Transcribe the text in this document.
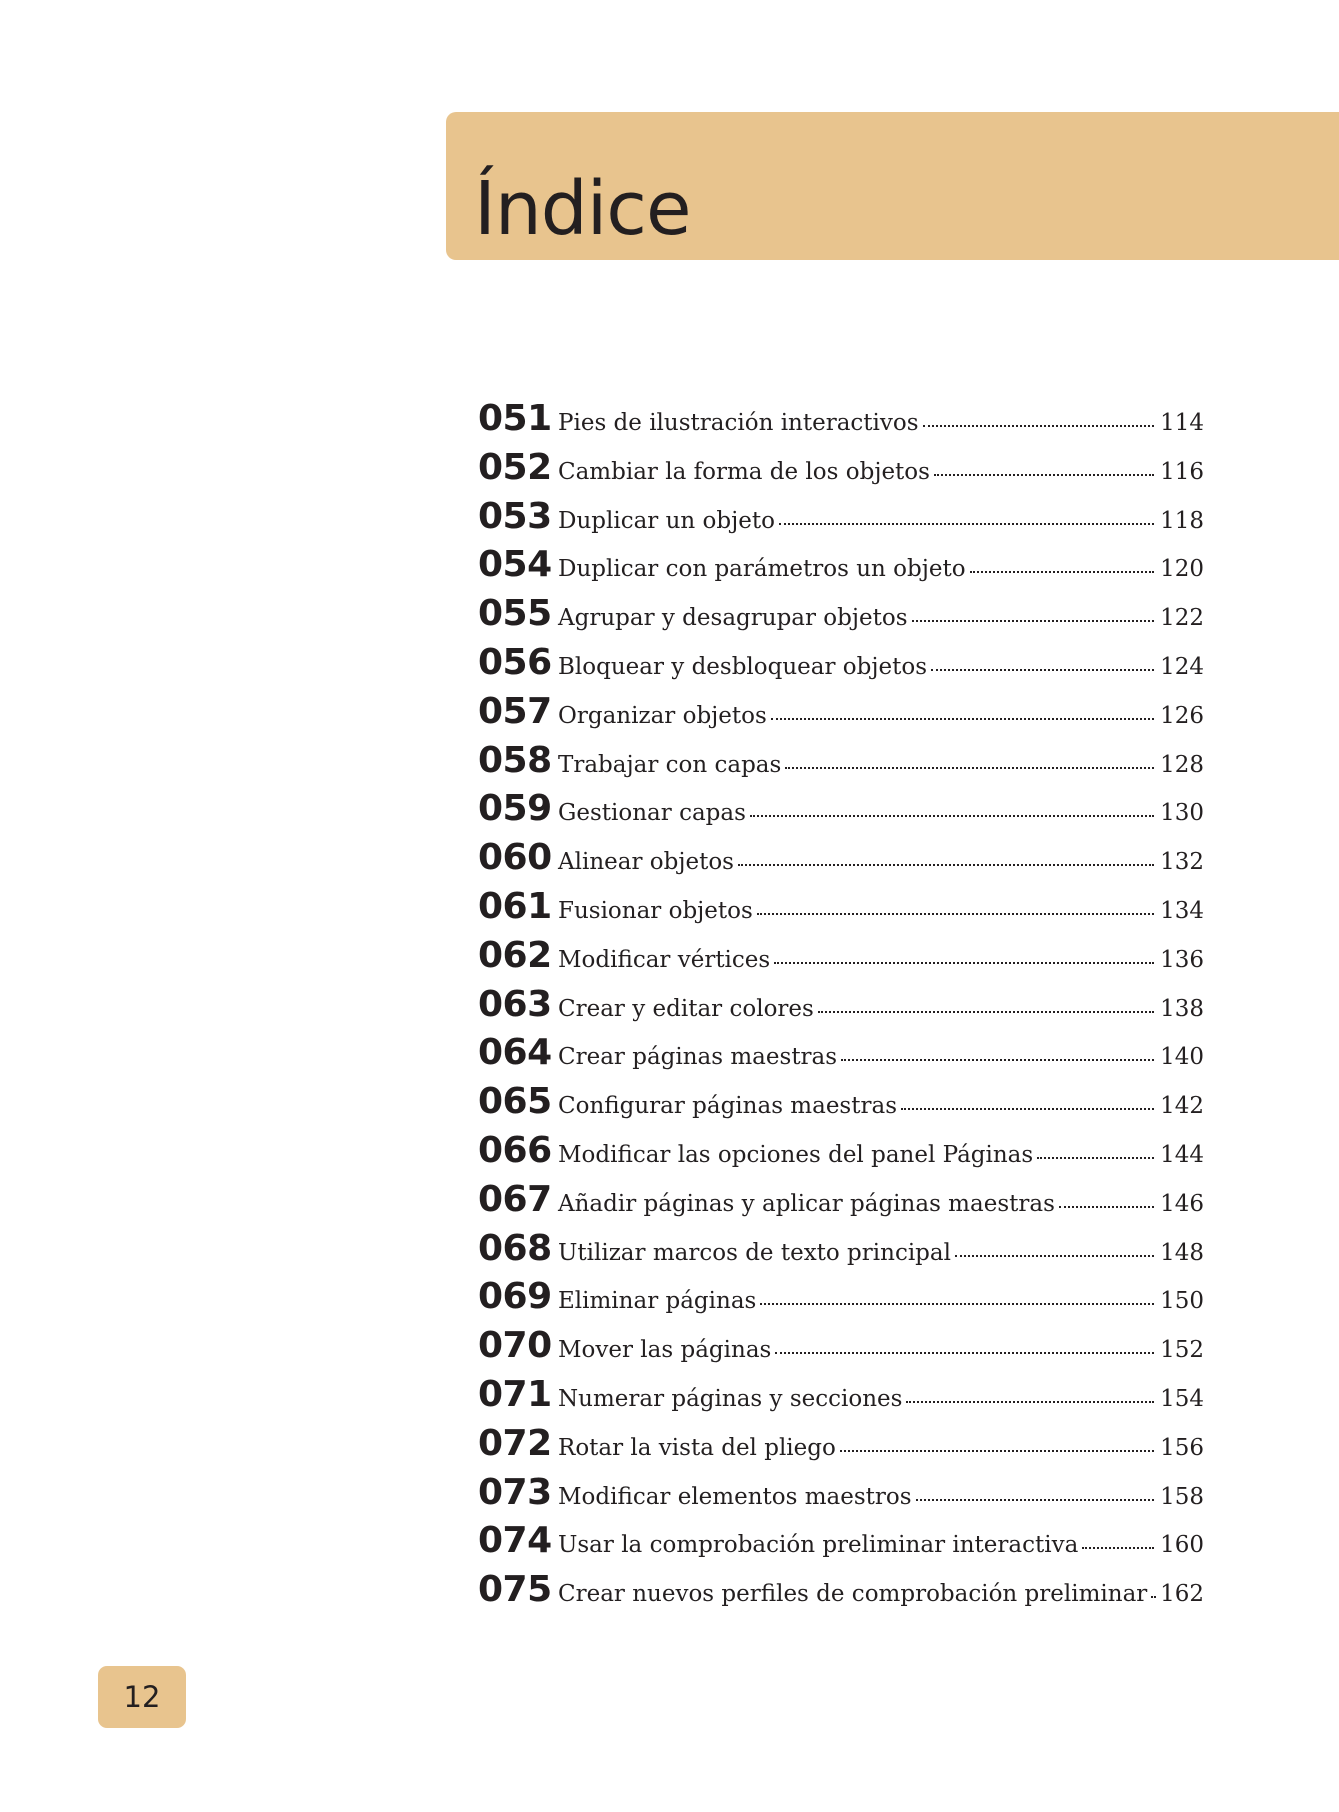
Índice
051 Pies de ilustración interactivos	114
052 Cambiar la forma de los objetos	116
053 Duplicar un objeto	118
054 Duplicar con parámetros un objeto	120
055 Agrupar y desagrupar objetos	122
056 Bloquear y desbloquear objetos	124
057 Organizar objetos	126
058 Trabajar con capas	128
059 Gestionar capas	130
060 Alinear objetos	132
061 Fusionar objetos	134
062 Modificar vértices	136
063 Crear y editar colores	138
064 Crear páginas maestras	140
065 Configurar páginas maestras	142
066 Modificar las opciones del panel Páginas	144
067 Añadir páginas y aplicar páginas maestras	146
068 Utilizar marcos de texto principal	148
069 Eliminar páginas	150
070 Mover las páginas	152
071 Numerar páginas y secciones	154
072 Rotar la vista del pliego	156
073 Modificar elementos maestros	158
074 Usar la comprobación preliminar interactiva	160
075 Crear nuevos perfiles de comprobación preliminar 162
12
